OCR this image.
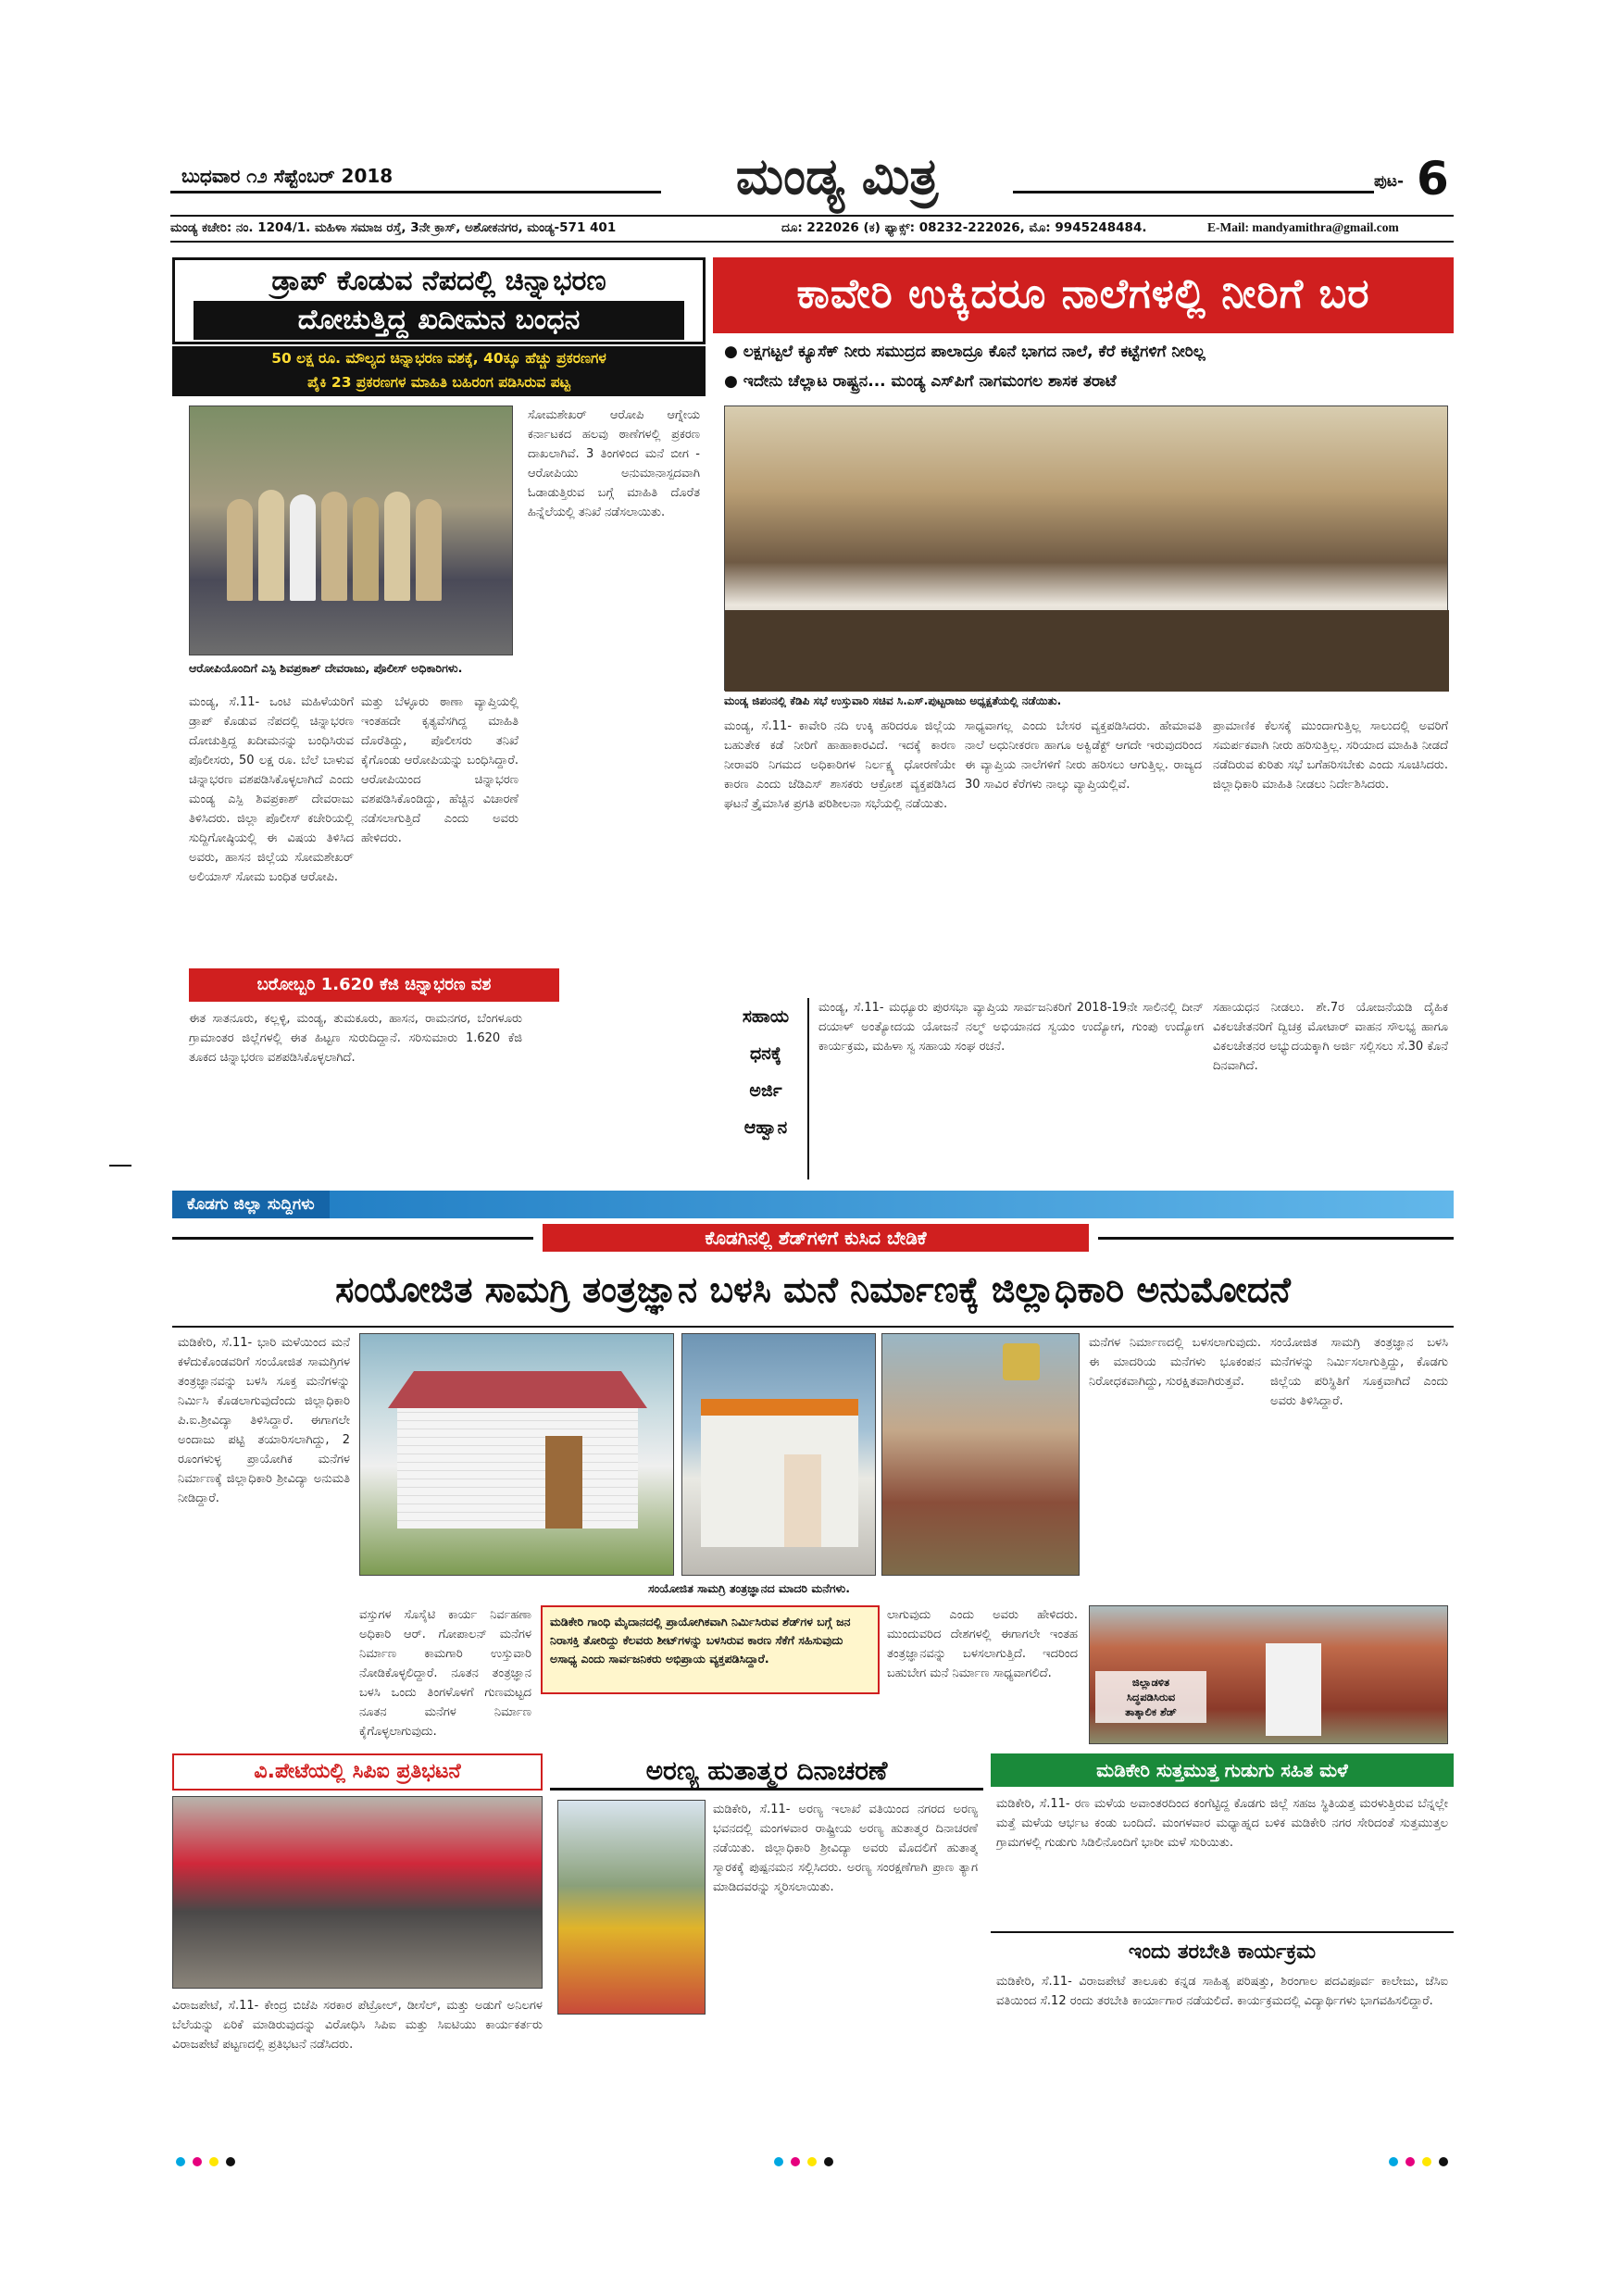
ಬುಧವಾರ ೧೨ ಸೆಪ್ಟೆಂಬರ್ 2018	ಮಂಡ್ಯ ಮಿತ್ರ	ಪುಟ- 6
ಮಂಡ್ಯ ಕಚೇರಿ: ನಂ. 1204/1. ಮಹಿಳಾ ಸಮಾಜ ರಸ್ತೆ, 3ನೇ ಕ್ರಾಸ್, ಅಶೋಕನಗರ, ಮಂಡ್ಯ-571 401	ದೂ: 222026 (ಕ) ಫ್ಯಾಕ್ಸ್: 08232-222026, ಮೊ: 9945248484.	E-Mail: mandyamithra@gmail.com
ಡ್ರಾಪ್ ಕೊಡುವ ನೆಪದಲ್ಲಿ ಚಿನ್ನಾಭರಣ
ದೋಚುತ್ತಿದ್ದ ಖದೀಮನ ಬಂಧನ
50 ಲಕ್ಷ ರೂ. ಮೌಲ್ಯದ ಚಿನ್ನಾಭರಣ ವಶಕ್ಕೆ, 40ಕ್ಕೂ ಹೆಚ್ಚು ಪ್ರಕರಣಗಳ
ಪೈಕಿ 23 ಪ್ರಕರಣಗಳ ಮಾಹಿತಿ ಬಹಿರಂಗ ಪಡಿಸಿರುವ ಪಟ್ಟ
ಆರೋಪಿಯೊಂದಿಗೆ ಎಸ್ಪಿ ಶಿವಪ್ರಕಾಶ್ ದೇವರಾಜು, ಪೊಲೀಸ್ ಅಧಿಕಾರಿಗಳು.
ಮಂಡ್ಯ, ಸೆ.11- ಒಂಟಿ ಮಹಿಳೆಯರಿಗೆ ಡ್ರಾಪ್ ಕೊಡುವ ನೆಪದಲ್ಲಿ ಚಿನ್ನಾಭರಣ ದೋಚುತ್ತಿದ್ದ ಖದೀಮನನ್ನು ಬಂಧಿಸಿರುವ ಪೊಲೀಸರು, 50 ಲಕ್ಷ ರೂ. ಬೆಲೆ ಬಾಳುವ ಚಿನ್ನಾಭರಣ ವಶಪಡಿಸಿಕೊಳ್ಳಲಾಗಿದೆ ಎಂದು ಮಂಡ್ಯ ಎಸ್ಪಿ ಶಿವಪ್ರಕಾಶ್ ದೇವರಾಜು ತಿಳಿಸಿದರು. ಜಿಲ್ಲಾ ಪೊಲೀಸ್ ಕಚೇರಿಯಲ್ಲಿ ಸುದ್ದಿಗೋಷ್ಠಿಯಲ್ಲಿ ಈ ವಿಷಯ ತಿಳಿಸಿದ ಅವರು, ಹಾಸನ ಜಿಲ್ಲೆಯ ಸೋಮಶೇಖರ್ ಅಲಿಯಾಸ್ ಸೋಮ ಬಂಧಿತ ಆರೋಪಿ.
ಮತ್ತು ಬೆಳ್ಳೂರು ಠಾಣಾ ವ್ಯಾಪ್ತಿಯಲ್ಲಿ ಇಂತಹದೇ ಕೃತ್ಯವೆಸಗಿದ್ದ ಮಾಹಿತಿ ದೊರೆತಿದ್ದು, ಪೊಲೀಸರು ತನಿಖೆ ಕೈಗೊಂಡು ಆರೋಪಿಯನ್ನು ಬಂಧಿಸಿದ್ದಾರೆ. ಆರೋಪಿಯಿಂದ ಚಿನ್ನಾಭರಣ ವಶಪಡಿಸಿಕೊಂಡಿದ್ದು, ಹೆಚ್ಚಿನ ವಿಚಾರಣೆ ನಡೆಸಲಾಗುತ್ತಿದೆ ಎಂದು ಅವರು ಹೇಳಿದರು.
ಸೋಮಶೇಖರ್ ಆರೋಪಿ ಆಗ್ನೇಯ ಕರ್ನಾಟಕದ ಹಲವು ಠಾಣೆಗಳಲ್ಲಿ ಪ್ರಕರಣ ದಾಖಲಾಗಿವೆ. 3 ತಿಂಗಳಿಂದ ಮನೆ ಬೀಗ - ಆರೋಪಿಯು ಅನುಮಾನಾಸ್ಪದವಾಗಿ ಓಡಾಡುತ್ತಿರುವ ಬಗ್ಗೆ ಮಾಹಿತಿ ದೊರೆತ ಹಿನ್ನೆಲೆಯಲ್ಲಿ ತನಿಖೆ ನಡೆಸಲಾಯಿತು.
ಬರೋಬ್ಬರಿ 1.620 ಕೆಜಿ ಚಿನ್ನಾಭರಣ ವಶ
ಈತ ಸಾತನೂರು, ಕಲ್ಲಳ್ಳಿ, ಮಂಡ್ಯ, ತುಮಕೂರು, ಹಾಸನ, ರಾಮನಗರ, ಬೆಂಗಳೂರು ಗ್ರಾಮಾಂತರ ಜಿಲ್ಲೆಗಳಲ್ಲಿ ಈತ ಹಿಟ್ಟಣ ಸುರುದಿದ್ದಾನೆ. ಸರಿಸುಮಾರು 1.620 ಕೆಜಿ ತೂಕದ ಚಿನ್ನಾಭರಣ ವಶಪಡಿಸಿಕೊಳ್ಳಲಾಗಿದೆ.
ಕಾವೇರಿ ಉಕ್ಕಿದರೂ ನಾಲೆಗಳಲ್ಲಿ ನೀರಿಗೆ ಬರ
● ಲಕ್ಷಗಟ್ಟಲೆ ಕ್ಯೂಸೆಕ್ ನೀರು ಸಮುದ್ರದ ಪಾಲಾದ್ರೂ ಕೊನೆ ಭಾಗದ ನಾಲೆ, ಕೆರೆ ಕಟ್ಟೆಗಳಿಗೆ ನೀರಿಲ್ಲ
● ಇದೇನು ಚೆಲ್ಲಾಟ ರಾಷ್ಟ್ರನ... ಮಂಡ್ಯ ಎಸ್‌ಪಿಗೆ ನಾಗಮಂಗಲ ಶಾಸಕ ತರಾಟೆ
ಮಂಡ್ಯ ಜಿಪಂನಲ್ಲಿ ಕೆಡಿಪಿ ಸಭೆ ಉಸ್ತುವಾರಿ ಸಚಿವ ಸಿ.ಎಸ್.ಪುಟ್ಟರಾಜು ಅಧ್ಯಕ್ಷತೆಯಲ್ಲಿ ನಡೆಯಿತು.
ಮಂಡ್ಯ, ಸೆ.11- ಕಾವೇರಿ ನದಿ ಉಕ್ಕಿ ಹರಿದರೂ ಜಿಲ್ಲೆಯ ಬಹುತೇಕ ಕಡೆ ನೀರಿಗೆ ಹಾಹಾಕಾರವಿದೆ. ಇದಕ್ಕೆ ಕಾರಣ ನೀರಾವರಿ ನಿಗಮದ ಅಧಿಕಾರಿಗಳ ನಿರ್ಲಕ್ಷ್ಯ ಧೋರಣೆಯೇ ಕಾರಣ ಎಂದು ಜೆಡಿಎಸ್ ಶಾಸಕರು ಆಕ್ರೋಶ ವ್ಯಕ್ತಪಡಿಸಿದ ಘಟನೆ ತ್ರೈಮಾಸಿಕ ಪ್ರಗತಿ ಪರಿಶೀಲನಾ ಸಭೆಯಲ್ಲಿ ನಡೆಯಿತು.
ಸಾಧ್ಯವಾಗಲ್ಲ ಎಂದು ಬೇಸರ ವ್ಯಕ್ತಪಡಿಸಿದರು. ಹೇಮಾವತಿ ನಾಲೆ ಅಧುನೀಕರಣ ಹಾಗೂ ಅಕ್ವಿಡೆಕ್ಟ್ ಆಗದೇ ಇರುವುದರಿಂದ ಈ ವ್ಯಾಪ್ತಿಯ ನಾಲೆಗಳಿಗೆ ನೀರು ಹರಿಸಲು ಆಗುತ್ತಿಲ್ಲ. ರಾಜ್ಯದ 30 ಸಾವಿರ ಕೆರೆಗಳು ನಾಲ್ಕು ವ್ಯಾಪ್ತಿಯಲ್ಲಿವೆ.
ಪ್ರಾಮಾಣಿಕ ಕೆಲಸಕ್ಕೆ ಮುಂದಾಗುತ್ತಿಲ್ಲ ಸಾಲುದಲ್ಲಿ ಅವರಿಗೆ ಸಮರ್ಪಕವಾಗಿ ನೀರು ಹರಿಸುತ್ತಿಲ್ಲ. ಸರಿಯಾದ ಮಾಹಿತಿ ನೀಡದೆ ನಡೆದಿರುವ ಕುರಿತು ಸಭೆ ಬಗೆಹರಿಸಬೇಕು ಎಂದು ಸೂಚಿಸಿದರು. ಜಿಲ್ಲಾಧಿಕಾರಿ ಮಾಹಿತಿ ನೀಡಲು ನಿರ್ದೇಶಿಸಿದರು.
ಸಹಾಯ
ಧನಕ್ಕೆ
ಅರ್ಜಿ
ಆಹ್ವಾನ
ಮಂಡ್ಯ, ಸೆ.11- ಮಧ್ಯೂರು ಪುರಸಭಾ ವ್ಯಾಪ್ತಿಯ ಸಾರ್ವಜನಿಕರಿಗೆ 2018-19ನೇ ಸಾಲಿನಲ್ಲಿ ದೀನ್ ದಯಾಳ್ ಅಂತ್ಯೋದಯ ಯೋಜನೆ ನಲ್ಮ್ ಅಭಿಯಾನದ ಸ್ವಯಂ ಉದ್ಯೋಗ, ಗುಂಪು ಉದ್ಯೋಗ ಕಾರ್ಯಕ್ರಮ, ಮಹಿಳಾ ಸ್ವ ಸಹಾಯ ಸಂಘ ರಚನೆ.
ಸಹಾಯಧನ ನೀಡಲು. ಶೇ.7ರ ಯೋಜನೆಯಡಿ ದೈಹಿಕ ವಿಕಲಚೇತನರಿಗೆ ದ್ವಿಚಕ್ರ ಮೋಟಾರ್ ವಾಹನ ಸೌಲಭ್ಯ ಹಾಗೂ ವಿಕಲಚೇತನರ ಅಭ್ಯುದಯಕ್ಕಾಗಿ ಅರ್ಜಿ ಸಲ್ಲಿಸಲು ಸೆ.30 ಕೊನೆ ದಿನವಾಗಿದೆ.
ಕೊಡಗು ಜಿಲ್ಲಾ ಸುದ್ದಿಗಳು
ಕೊಡಗಿನಲ್ಲಿ ಶೆಡ್‌ಗಳಿಗೆ ಕುಸಿದ ಬೇಡಿಕೆ
ಸಂಯೋಜಿತ ಸಾಮಗ್ರಿ ತಂತ್ರಜ್ಞಾನ ಬಳಸಿ ಮನೆ ನಿರ್ಮಾಣಕ್ಕೆ ಜಿಲ್ಲಾಧಿಕಾರಿ ಅನುಮೋದನೆ
ಮಡಿಕೇರಿ, ಸೆ.11- ಭಾರಿ ಮಳೆಯಿಂದ ಮನೆ ಕಳೆದುಕೊಂಡವರಿಗೆ ಸಂಯೋಜಿತ ಸಾಮಗ್ರಿಗಳ ತಂತ್ರಜ್ಞಾನವನ್ನು ಬಳಸಿ ಸೂಕ್ತ ಮನೆಗಳನ್ನು ನಿರ್ಮಿಸಿ ಕೊಡಲಾಗುವುದೆಂದು ಜಿಲ್ಲಾಧಿಕಾರಿ ಪಿ.ಐ.ಶ್ರೀವಿದ್ಯಾ ತಿಳಿಸಿದ್ದಾರೆ. ಈಗಾಗಲೇ ಅಂದಾಜು ಪಟ್ಟಿ ತಯಾರಿಸಲಾಗಿದ್ದು, 2 ರೂಂಗಳುಳ್ಳ ಪ್ರಾಯೋಗಿಕ ಮನೆಗಳ ನಿರ್ಮಾಣಕ್ಕೆ ಜಿಲ್ಲಾಧಿಕಾರಿ ಶ್ರೀವಿದ್ಯಾ ಅನುಮತಿ ನೀಡಿದ್ದಾರೆ.
ಸಂಯೋಜಿತ ಸಾಮಗ್ರಿ ತಂತ್ರಜ್ಞಾನದ ಮಾದರಿ ಮನೆಗಳು.
ಮನೆಗಳ ನಿರ್ಮಾಣದಲ್ಲಿ ಬಳಸಲಾಗುವುದು. ಈ ಮಾದರಿಯ ಮನೆಗಳು ಭೂಕಂಪನ ನಿರೋಧಕವಾಗಿದ್ದು, ಸುರಕ್ಷಿತವಾಗಿರುತ್ತವೆ.
ಸಂಯೋಜಿತ ಸಾಮಗ್ರಿ ತಂತ್ರಜ್ಞಾನ ಬಳಸಿ ಮನೆಗಳನ್ನು ನಿರ್ಮಿಸಲಾಗುತ್ತಿದ್ದು, ಕೊಡಗು ಜಿಲ್ಲೆಯ ಪರಿಸ್ಥಿತಿಗೆ ಸೂಕ್ತವಾಗಿದೆ ಎಂದು ಅವರು ತಿಳಿಸಿದ್ದಾರೆ.
ವಸ್ತುಗಳ ಸೊಸೈಟಿ ಕಾರ್ಯ ನಿರ್ವಹಣಾ ಅಧಿಕಾರಿ ಆರ್. ಗೋಪಾಲನ್ ಮನೆಗಳ ನಿರ್ಮಾಣ ಕಾಮಗಾರಿ ಉಸ್ತುವಾರಿ ನೋಡಿಕೊಳ್ಳಲಿದ್ದಾರೆ. ನೂತನ ತಂತ್ರಜ್ಞಾನ ಬಳಸಿ ಒಂದು ತಿಂಗಳೊಳಗೆ ಗುಣಮಟ್ಟದ ನೂತನ ಮನೆಗಳ ನಿರ್ಮಾಣ ಕೈಗೊಳ್ಳಲಾಗುವುದು.
ಮಡಿಕೇರಿ ಗಾಂಧಿ ಮೈದಾನದಲ್ಲಿ ಪ್ರಾಯೋಗಿಕವಾಗಿ ನಿರ್ಮಿಸಿರುವ ಶೆಡ್‌ಗಳ ಬಗ್ಗೆ ಜನ ನಿರಾಸಕ್ತಿ ತೋರಿದ್ದು ಕೆಲವರು ಶೀಟ್‌ಗಳನ್ನು ಬಳಸಿರುವ ಕಾರಣ ಸೆಕೆಗೆ ಸಹಿಸುವುದು ಅಸಾಧ್ಯ ಎಂದು ಸಾರ್ವಜನಿಕರು ಅಭಿಪ್ರಾಯ ವ್ಯಕ್ತಪಡಿಸಿದ್ದಾರೆ.
ಲಾಗುವುದು ಎಂದು ಅವರು ಹೇಳಿದರು. ಮುಂದುವರಿದ ದೇಶಗಳಲ್ಲಿ ಈಗಾಗಲೇ ಇಂತಹ ತಂತ್ರಜ್ಞಾನವನ್ನು ಬಳಸಲಾಗುತ್ತಿದೆ. ಇದರಿಂದ ಬಹುಬೇಗ ಮನೆ ನಿರ್ಮಾಣ ಸಾಧ್ಯವಾಗಲಿದೆ.
ಜಿಲ್ಲಾಡಳಿತ
ಸಿದ್ಧಪಡಿಸಿರುವ
ತಾತ್ಕಾಲಿಕ ಶೆಡ್
ವಿ.ಪೇಟೆಯಲ್ಲಿ ಸಿಪಿಐ ಪ್ರತಿಭಟನೆ
ವಿರಾಜಪೇಟೆ, ಸೆ.11- ಕೇಂದ್ರ ಬಿಜೆಪಿ ಸರಕಾರ ಪೆಟ್ರೋಲ್, ಡೀಸೆಲ್, ಮತ್ತು ಅಡುಗೆ ಅನಿಲಗಳ ಬೆಲೆಯನ್ನು ಏರಿಕೆ ಮಾಡಿರುವುದನ್ನು ವಿರೋಧಿಸಿ ಸಿಪಿಐ ಮತ್ತು ಸಿಐಟಿಯು ಕಾರ್ಯಕರ್ತರು ವಿರಾಜಪೇಟೆ ಪಟ್ಟಣದಲ್ಲಿ ಪ್ರತಿಭಟನೆ ನಡೆಸಿದರು.
ಅರಣ್ಯ ಹುತಾತ್ಮರ ದಿನಾಚರಣೆ
ಮಡಿಕೇರಿ, ಸೆ.11- ಅರಣ್ಯ ಇಲಾಖೆ ವತಿಯಿಂದ ನಗರದ ಅರಣ್ಯ ಭವನದಲ್ಲಿ ಮಂಗಳವಾರ ರಾಷ್ಟ್ರೀಯ ಅರಣ್ಯ ಹುತಾತ್ಮರ ದಿನಾಚರಣೆ ನಡೆಯಿತು. ಜಿಲ್ಲಾಧಿಕಾರಿ ಶ್ರೀವಿದ್ಯಾ ಅವರು ಮೊದಲಿಗೆ ಹುತಾತ್ಮ ಸ್ಮಾರಕಕ್ಕೆ ಪುಷ್ಪನಮನ ಸಲ್ಲಿಸಿದರು. ಅರಣ್ಯ ಸಂರಕ್ಷಣೆಗಾಗಿ ಪ್ರಾಣ ತ್ಯಾಗ ಮಾಡಿದವರನ್ನು ಸ್ಮರಿಸಲಾಯಿತು.
ಮಡಿಕೇರಿ ಸುತ್ತಮುತ್ತ ಗುಡುಗು ಸಹಿತ ಮಳೆ
ಮಡಿಕೇರಿ, ಸೆ.11- ರಣ ಮಳೆಯ ಅವಾಂತರದಿಂದ ಕಂಗೆಟ್ಟಿದ್ದ ಕೊಡಗು ಜಿಲ್ಲೆ ಸಹಜ ಸ್ಥಿತಿಯತ್ತ ಮರಳುತ್ತಿರುವ ಬೆನ್ನಲ್ಲೇ ಮತ್ತೆ ಮಳೆಯ ಆರ್ಭಟ ಕಂಡು ಬಂದಿದೆ. ಮಂಗಳವಾರ ಮಧ್ಯಾಹ್ನದ ಬಳಿಕ ಮಡಿಕೇರಿ ನಗರ ಸೇರಿದಂತೆ ಸುತ್ತಮುತ್ತಲ ಗ್ರಾಮಗಳಲ್ಲಿ ಗುಡುಗು ಸಿಡಿಲಿನೊಂದಿಗೆ ಭಾರೀ ಮಳೆ ಸುರಿಯಿತು.
ಇಂದು ತರಬೇತಿ ಕಾರ್ಯಕ್ರಮ
ಮಡಿಕೇರಿ, ಸೆ.11- ವಿರಾಜಪೇಟೆ ತಾಲೂಕು ಕನ್ನಡ ಸಾಹಿತ್ಯ ಪರಿಷತ್ತು, ಶಿರಂಗಾಲ ಪದವಿಪೂರ್ವ ಕಾಲೇಜು, ಜೆಸಿಐ ವತಿಯಿಂದ ಸೆ.12 ರಂದು ತರಬೇತಿ ಕಾರ್ಯಾಗಾರ ನಡೆಯಲಿದೆ. ಕಾರ್ಯಕ್ರಮದಲ್ಲಿ ವಿದ್ಯಾರ್ಥಿಗಳು ಭಾಗವಹಿಸಲಿದ್ದಾರೆ.
